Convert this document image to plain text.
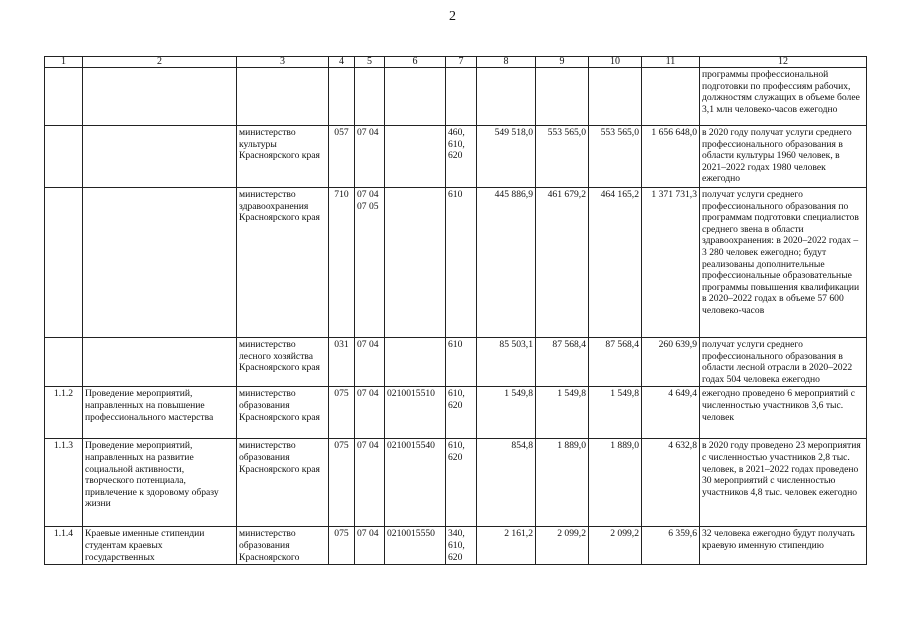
2
1	2	3	4	5	6	7	8	9	10	11	12
											программы профессиональной подготовки по профессиям рабочих, должностям служащих в объеме более 3,1 млн человеко-часов ежегодно
		министерство культуры Красноярского края	057	07 04		460, 610, 620	549 518,0	553 565,0	553 565,0	1 656 648,0	в 2020 году получат услуги среднего профессионального образования в области культуры 1960 человек, в 2021–2022 годах 1980 человек ежегодно
		министерство здравоохранения Красноярского края	710	07 04 07 05		610	445 886,9	461 679,2	464 165,2	1 371 731,3	получат услуги среднего профессионального образования по программам подготовки специалистов среднего звена в области здравоохранения: в 2020–2022 годах – 3 280 человек ежегодно; будут реализованы дополнительные профессиональные образовательные программы повышения квалификации в 2020–2022 годах в объеме 57 600 человеко-часов
		министерство лесного хозяйства Красноярского края	031	07 04		610	85 503,1	87 568,4	87 568,4	260 639,9	получат услуги среднего профессионального образования в области лесной отрасли в 2020–2022 годах 504 человека ежегодно
1.1.2	Проведение мероприятий, направленных на повышение профессионального мастерства	министерство образования Красноярского края	075	07 04	0210015510	610, 620	1 549,8	1 549,8	1 549,8	4 649,4	ежегодно проведено 6 мероприятий с численностью участников 3,6 тыс. человек
1.1.3	Проведение мероприятий, направленных на развитие социальной активности, творческого потенциала, привлечение к здоровому образу жизни	министерство образования Красноярского края	075	07 04	0210015540	610, 620	854,8	1 889,0	1 889,0	4 632,8	в 2020 году проведено 23 мероприятия с численностью участников 2,8 тыс. человек, в 2021–2022 годах проведено 30 мероприятий с численностью участников 4,8 тыс. человек ежегодно
1.1.4	Краевые именные стипендии студентам краевых государственных	министерство образования Красноярского	075	07 04	0210015550	340, 610, 620	2 161,2	2 099,2	2 099,2	6 359,6	32 человека ежегодно будут получать краевую именную стипендию
